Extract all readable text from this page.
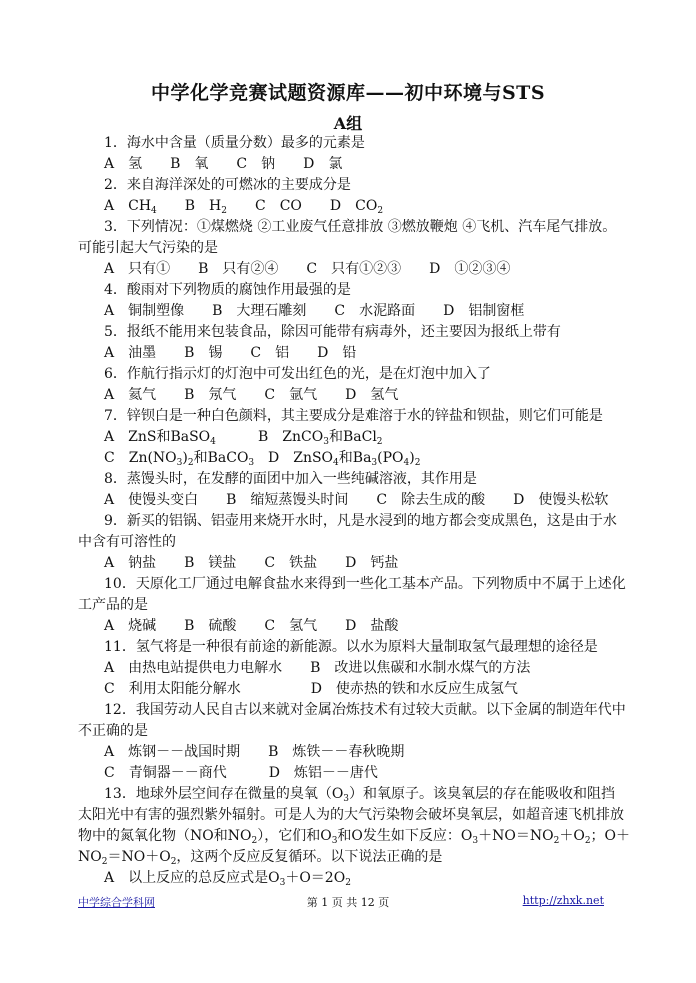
中学化学竞赛试题资源库——初中环境与STS
A组
1．海水中含量（质量分数）最多的元素是
A　氢　　B　氧　　C　钠　　D　氯
2．来自海洋深处的可燃冰的主要成分是
A　$CH_4$　　B　$H_2$　　C　CO　　D　$CO_2$
3．下列情况：①煤燃烧 ②工业废气任意排放 ③燃放鞭炮 ④飞机、汽车尾气排放。
可能引起大气污染的是
A　只有①　　B　只有②④　　C　只有①②③　　D　①②③④
4．酸雨对下列物质的腐蚀作用最强的是
A　铜制塑像　　B　大理石雕刻　　C　水泥路面　　D　铝制窗框
5．报纸不能用来包装食品，除因可能带有病毒外，还主要因为报纸上带有
A　油墨　　B　锡　　C　铝　　D　铅
6．作航行指示灯的灯泡中可发出红色的光，是在灯泡中加入了
A　氦气　　B　氖气　　C　氩气　　D　氢气
7．锌钡白是一种白色颜料，其主要成分是难溶于水的锌盐和钡盐，则它们可能是
A　ZnS和BaSO$_4$	B　ZnCO$_3$和BaCl$_2$
C　$Zn(NO_3)_2$和BaCO$_3$ D　ZnSO$_4$和$Ba_3(PO_4)_2$
8．蒸馒头时，在发酵的面团中加入一些纯碱溶液，其作用是
A　使馒头变白　　B　缩短蒸馒头时间　　C　除去生成的酸　　D　使馒头松软
9．新买的铝锅、铝壶用来烧开水时，凡是水浸到的地方都会变成黑色，这是由于水
中含有可溶性的
A　钠盐　　B　镁盐　　C　铁盐　　D　钙盐
10．天原化工厂通过电解食盐水来得到一些化工基本产品。下列物质中不属于上述化
工产品的是
A　烧碱　　B　硫酸　　C　氢气　　D　盐酸
11．氢气将是一种很有前途的新能源。以水为原料大量制取氢气最理想的途径是
A　由热电站提供电力电解水　　B　改进以焦碳和水制水煤气的方法
C　利用太阳能分解水　　　　　D　使赤热的铁和水反应生成氢气
12．我国劳动人民自古以来就对金属冶炼技术有过较大贡献。以下金属的制造年代中
不正确的是
A　炼钢－－战国时期　　B　炼铁－－春秋晚期
C　青铜器－－商代　　　D　炼铝－－唐代
13．地球外层空间存在微量的臭氧$(O_3)$和氧原子。该臭氧层的存在能吸收和阻挡
太阳光中有害的强烈紫外辐射。可是人为的大气污染物会破坏臭氧层，如超音速飞机排放
物中的氮氧化物（NO和$NO_2$），它们和$O_3$和O发生如下反应：$O_3+NO=NO_2+O_2$；O＋
$NO_2=NO+O_2$，这两个反应反复循环。以下说法正确的是
A　以上反应的总反应式是$O_3+O=2O_2$
中学综合学科网	第 1 页 共 12 页	http://zhxk.net
